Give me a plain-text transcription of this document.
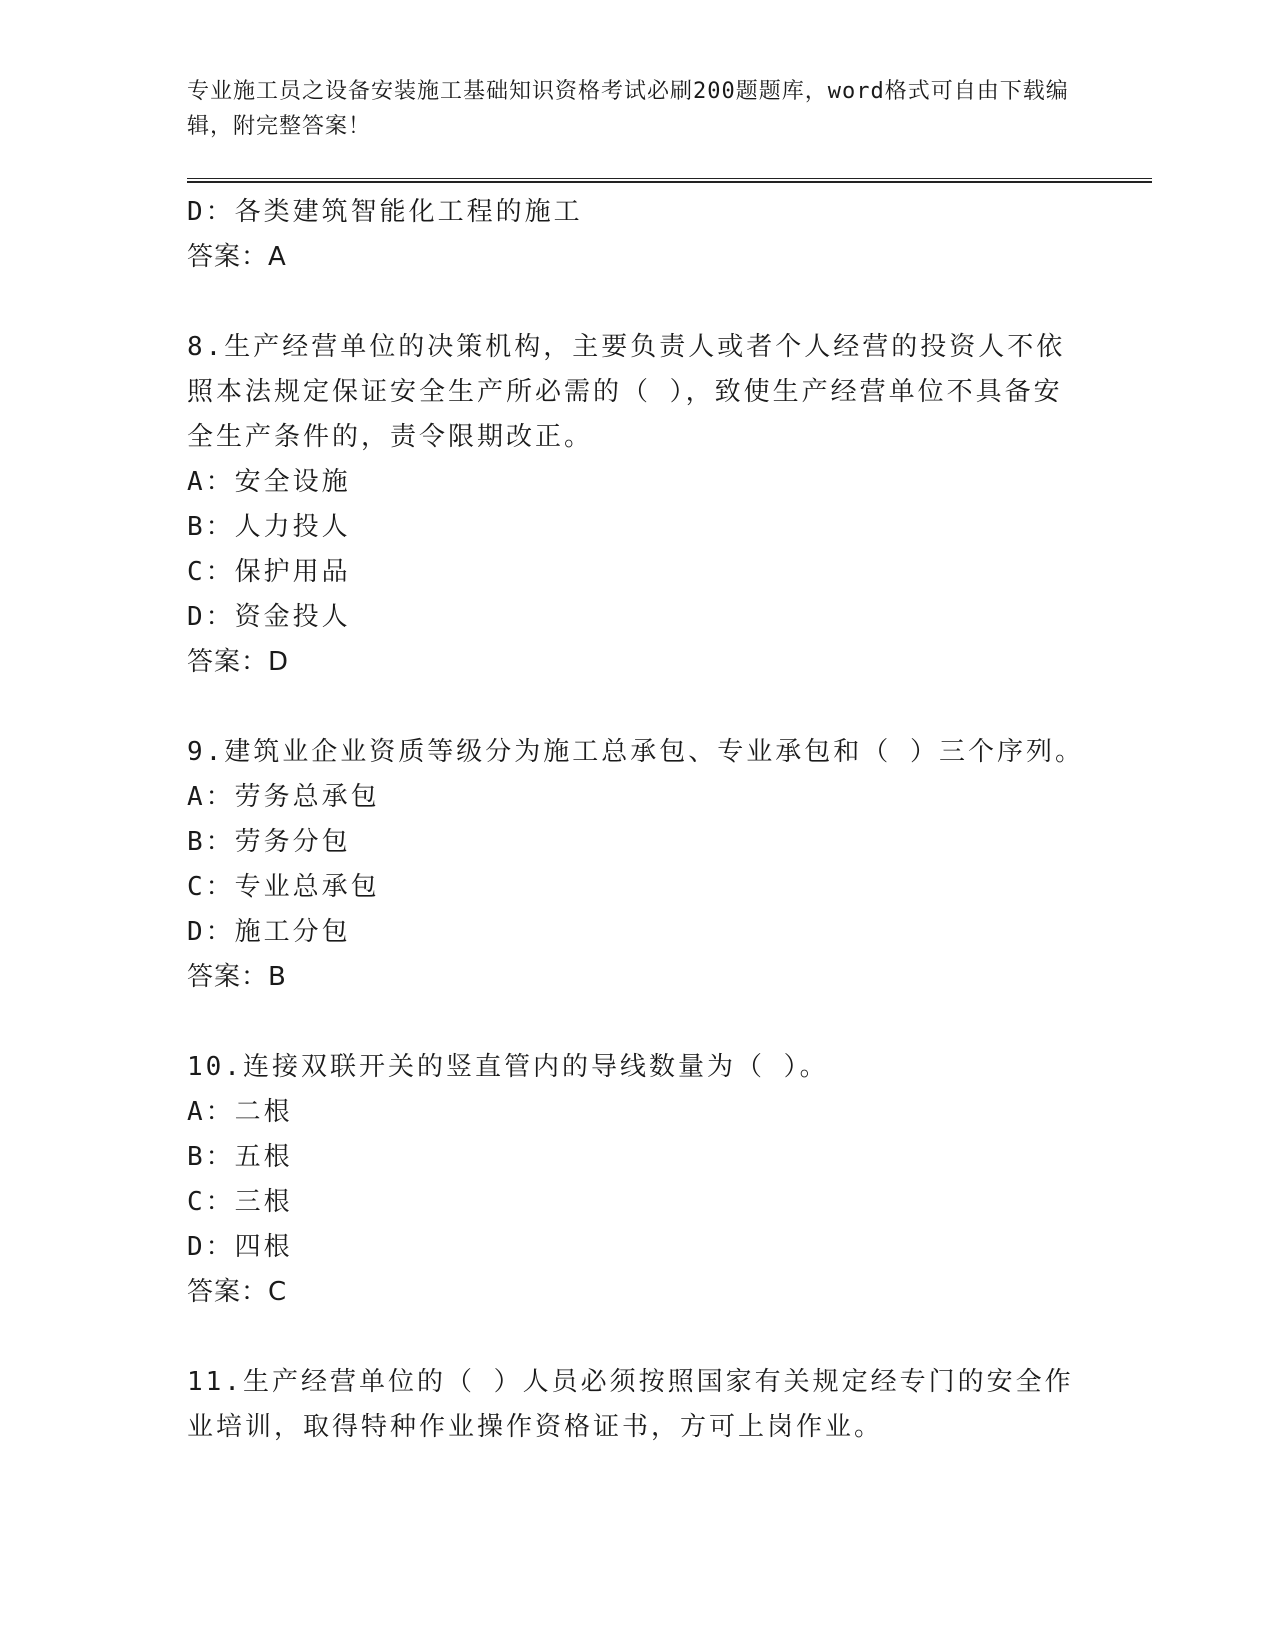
专业施工员之设备安装施工基础知识资格考试必刷200题题库，word格式可自由下载编辑，附完整答案！
D：各类建筑智能化工程的施工
答案：A
8.生产经营单位的决策机构，主要负责人或者个人经营的投资人不依照本法规定保证安全生产所必需的（ ），致使生产经营单位不具备安全生产条件的，责令限期改正。
A：安全设施
B：人力投人
C：保护用品
D：资金投人
答案：D
9.建筑业企业资质等级分为施工总承包、专业承包和（ ）三个序列。
A：劳务总承包
B：劳务分包
C：专业总承包
D：施工分包
答案：B
10.连接双联开关的竖直管内的导线数量为（ ）。
A：二根
B：五根
C：三根
D：四根
答案：C
11.生产经营单位的（ ）人员必须按照国家有关规定经专门的安全作业培训，取得特种作业操作资格证书，方可上岗作业。
